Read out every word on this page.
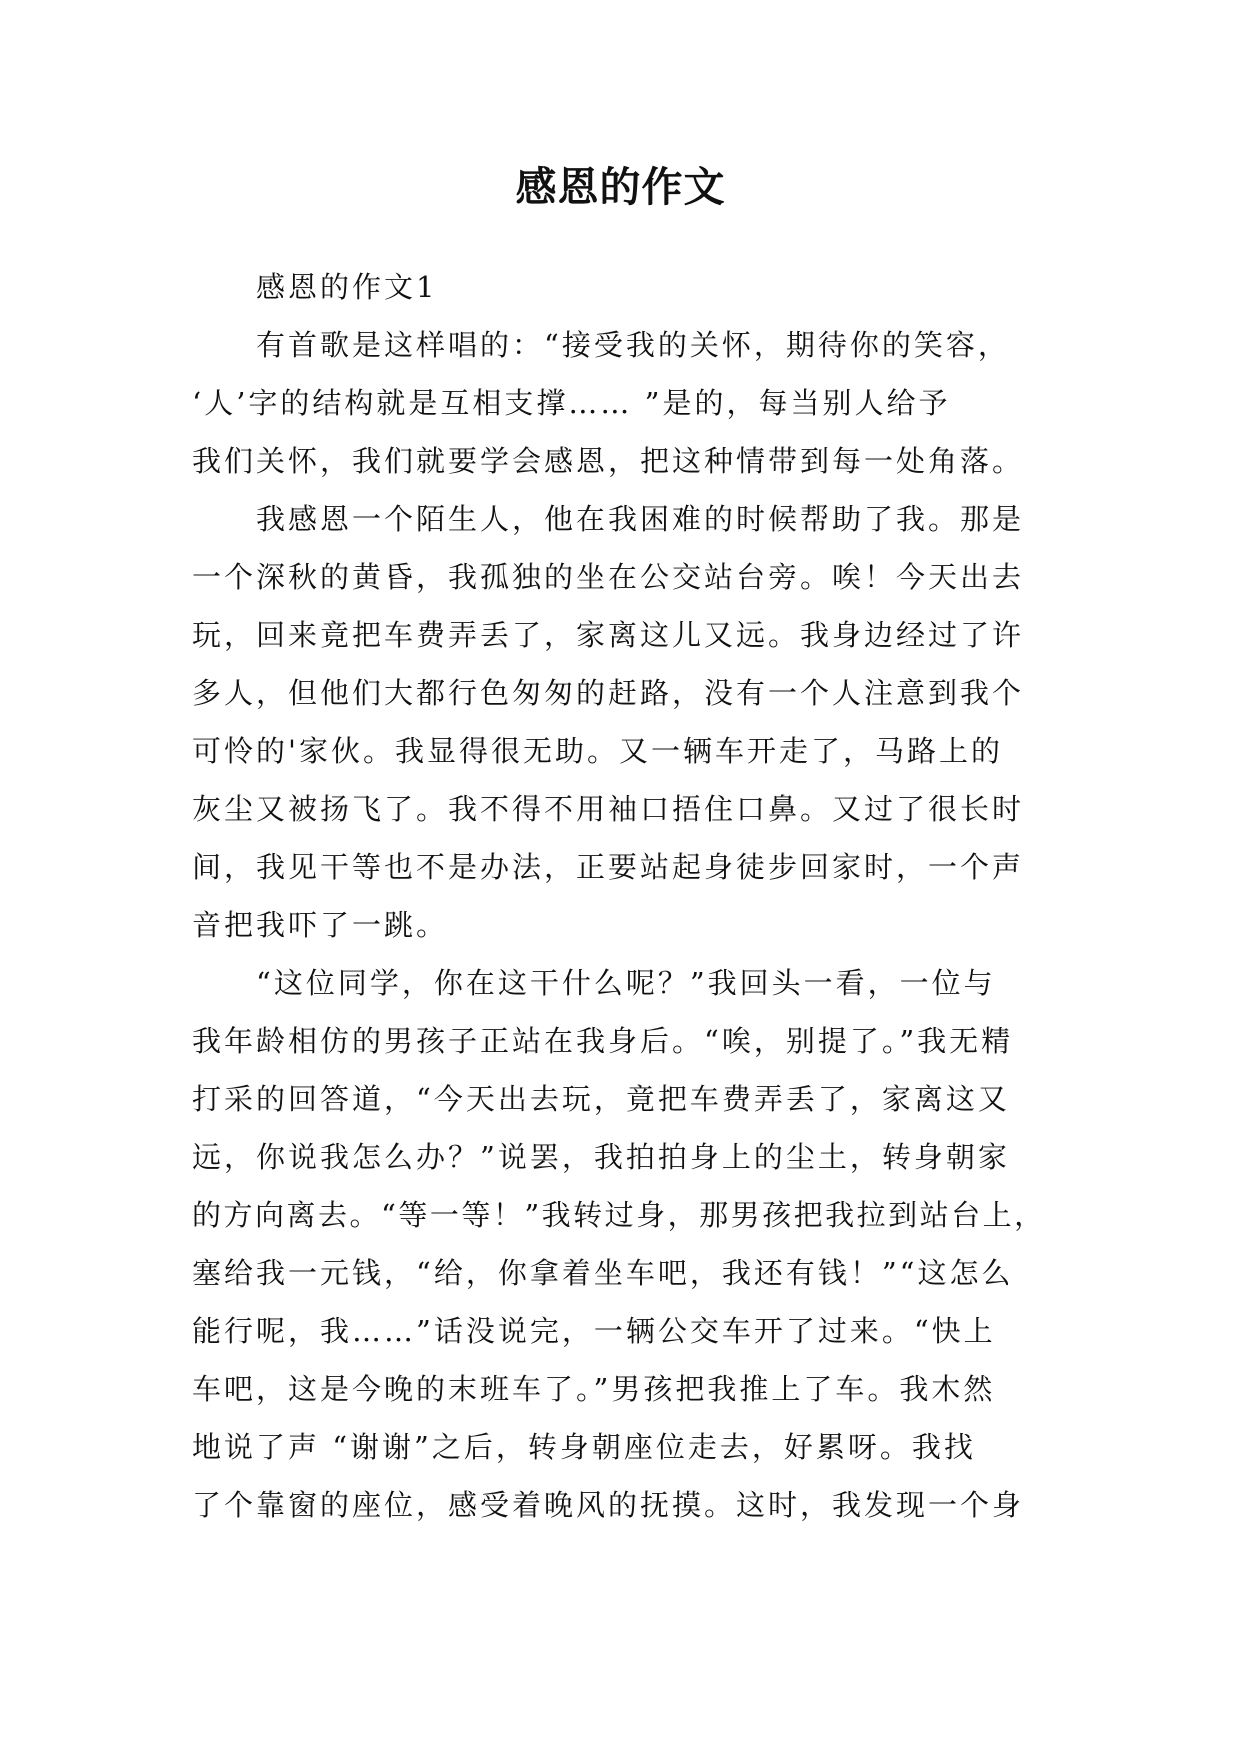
感恩的作文
感恩的作文1
有首歌是这样唱的：“接受我的关怀，期待你的笑容，
‘人’字的结构就是互相支撑…… ”是的，每当别人给予
我们关怀，我们就要学会感恩，把这种情带到每一处角落。
我感恩一个陌生人，他在我困难的时候帮助了我。那是
一个深秋的黄昏，我孤独的坐在公交站台旁。唉！今天出去
玩，回来竟把车费弄丢了，家离这儿又远。我身边经过了许
多人，但他们大都行色匆匆的赶路，没有一个人注意到我个
可怜的'家伙。我显得很无助。又一辆车开走了，马路上的
灰尘又被扬飞了。我不得不用袖口捂住口鼻。又过了很长时
间，我见干等也不是办法，正要站起身徒步回家时，一个声
音把我吓了一跳。
“这位同学，你在这干什么呢？”我回头一看，一位与
我年龄相仿的男孩子正站在我身后。“唉，别提了。”我无精
打采的回答道，“今天出去玩，竟把车费弄丢了，家离这又
远，你说我怎么办？”说罢，我拍拍身上的尘土，转身朝家
的方向离去。“等一等！”我转过身，那男孩把我拉到站台上，
塞给我一元钱，“给，你拿着坐车吧，我还有钱！”“这怎么
能行呢，我……”话没说完，一辆公交车开了过来。“快上
车吧，这是今晚的末班车了。”男孩把我推上了车。我木然
地说了声 “谢谢”之后，转身朝座位走去，好累呀。我找
了个靠窗的座位，感受着晚风的抚摸。这时，我发现一个身
